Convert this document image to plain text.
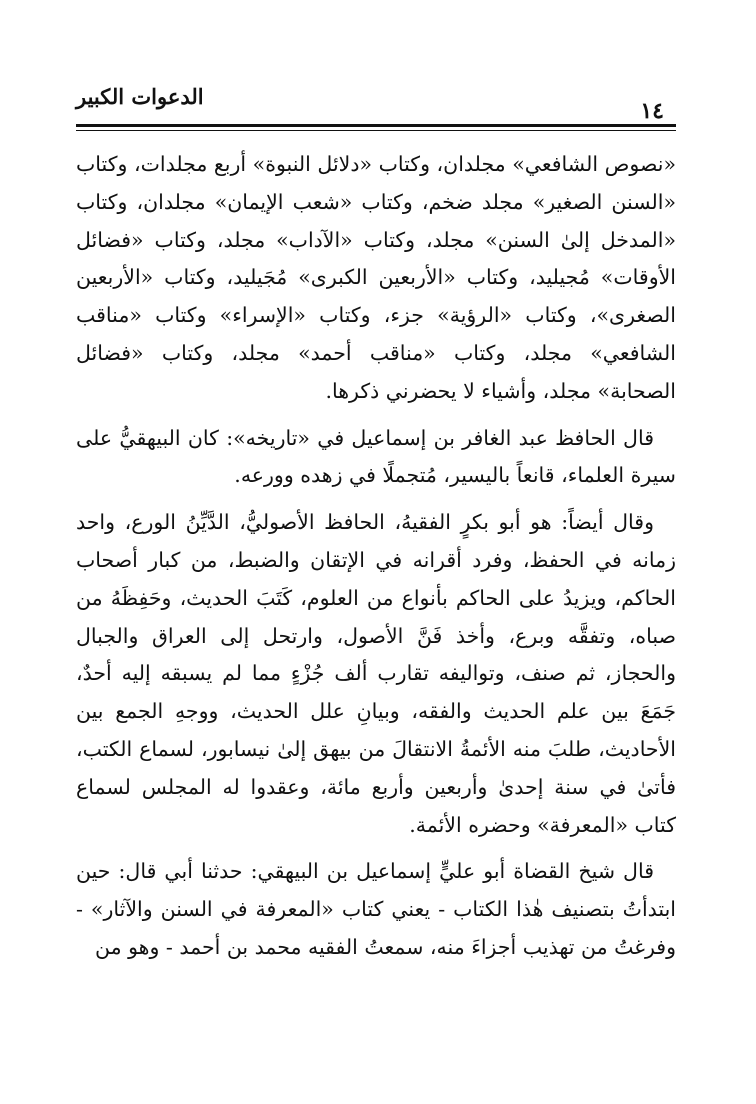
الدعوات الكبير
١٤

«نصوص الشافعي» مجلدان، وكتاب «دلائل النبوة» أربع مجلدات، وكتاب «السنن الصغير» مجلد ضخم، وكتاب «شعب الإيمان» مجلدان، وكتاب «المدخل إلىٰ السنن» مجلد، وكتاب «الآداب» مجلد، وكتاب «فضائل الأوقات» مُجيليد، وكتاب «الأربعين الكبرى» مُجَيليد، وكتاب «الأربعين الصغرى»، وكتاب «الرؤية» جزء، وكتاب «الإسراء» وكتاب «مناقب الشافعي» مجلد، وكتاب «مناقب أحمد» مجلد، وكتاب «فضائل الصحابة» مجلد، وأشياء لا يحضرني ذكرها.

قال الحافظ عبد الغافر بن إسماعيل في «تاريخه»: كان البيهقيُّ على سيرة العلماء، قانعاً باليسير، مُتجملًا في زهده وورعه.

وقال أيضاً: هو أبو بكرٍ الفقيهُ، الحافظ الأصوليُّ، الدَّيِّنُ الورع، واحد زمانه في الحفظ، وفرد أقرانه في الإتقان والضبط، من كبار أصحاب الحاكم، ويزيدُ على الحاكم بأنواع من العلوم، كَتَبَ الحديث، وحَفِظَهُ من صباه، وتفقَّه وبرع، وأخذ فَنَّ الأصول، وارتحل إلى العراق والجبال والحجاز، ثم صنف، وتواليفه تقارب ألف جُزْءٍ مما لم يسبقه إليه أحدٌ، جَمَعَ بين علم الحديث والفقه، وبيانِ علل الحديث، ووجهِ الجمع بين الأحاديث، طلبَ منه الأئمةُ الانتقالَ من بيهق إلىٰ نيسابور، لسماع الكتب، فأتىٰ في سنة إحدىٰ وأربعين وأربع مائة، وعقدوا له المجلس لسماع كتاب «المعرفة» وحضره الأئمة.

قال شيخ القضاة أبو عليٍّ إسماعيل بن البيهقي: حدثنا أبي قال: حين ابتدأتُ بتصنيف هٰذا الكتاب - يعني كتاب «المعرفة في السنن والآثار» - وفرغتُ من تهذيب أجزاءَ منه، سمعتُ الفقيه محمد بن أحمد - وهو من
